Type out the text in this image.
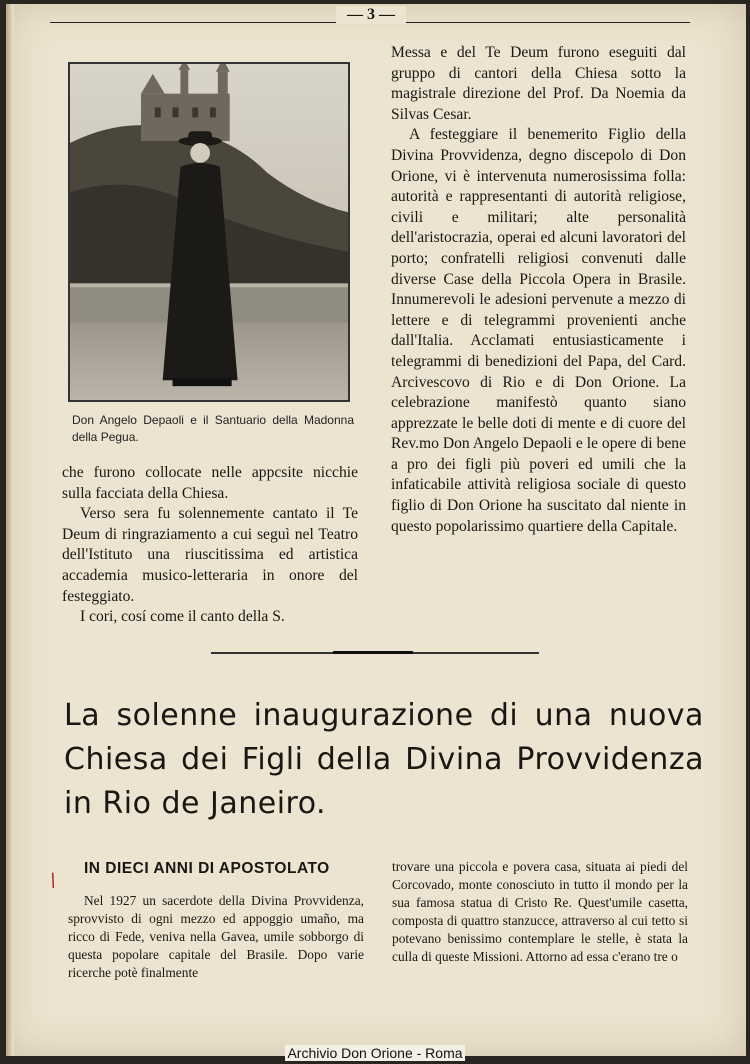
— 3 —
Don Angelo Depaoli e il Santuario della Madonna della Pegua.

che furono collocate nelle appcsite nicchie sulla facciata della Chiesa.

Verso sera fu solennemente cantato il Te Deum di ringraziamento a cui seguì nel Teatro dell'Istituto una riuscitissima ed artistica accademia musico-letteraria in onore del festeggiato.

I cori, cosí come il canto della S.

Messa e del Te Deum furono eseguiti dal gruppo di cantori della Chiesa sotto la magistrale direzione del Prof. Da Noemia da Silvas Cesar.

A festeggiare il benemerito Figlio della Divina Provvidenza, degno discepolo di Don Orione, vi è intervenuta numerosissima folla: autorità e rappresentanti di autorità religiose, civili e militari; alte personalità dell'aristocrazia, operai ed alcuni lavoratori del porto; confratelli religiosi convenuti dalle diverse Case della Piccola Opera in Brasile. Innumerevoli le adesioni pervenute a mezzo di lettere e di telegrammi provenienti anche dall'Italia. Acclamati entusiasticamente i telegrammi di benedizioni del Papa, del Card. Arcivescovo di Rio e di Don Orione. La celebrazione manifestò quanto siano apprezzate le belle doti di mente e di cuore del Rev.mo Don Angelo Depaoli e le opere di bene a pro dei figli più poveri ed umili che la infaticabile attività religiosa sociale di questo figlio di Don Orione ha suscitato dal niente in questo popolarissimo quartiere della Capitale.

La solenne inaugurazione di una nuova
Chiesa dei Figli della Divina Provvidenza
in Rio de Janeiro.
/
IN DIECI ANNI DI APOSTOLATO

Nel 1927 un sacerdote della Divina Provvidenza, sprovvisto di ogni mezzo ed appoggio umaño, ma ricco di Fede, veniva nella Gavea, umile sobborgo di questa popolare capitale del Brasile. Dopo varie ricerche potè finalmente

trovare una piccola e povera casa, situata ai piedi del Corcovado, monte conosciuto in tutto il mondo per la sua famosa statua di Cristo Re. Quest'umile casetta, composta di quattro stanzucce, attraverso al cui tetto si potevano benissimo contemplare le stelle, è stata la culla di queste Missioni. Attorno ad essa c'erano tre o

Archivio Don Orione - Roma
